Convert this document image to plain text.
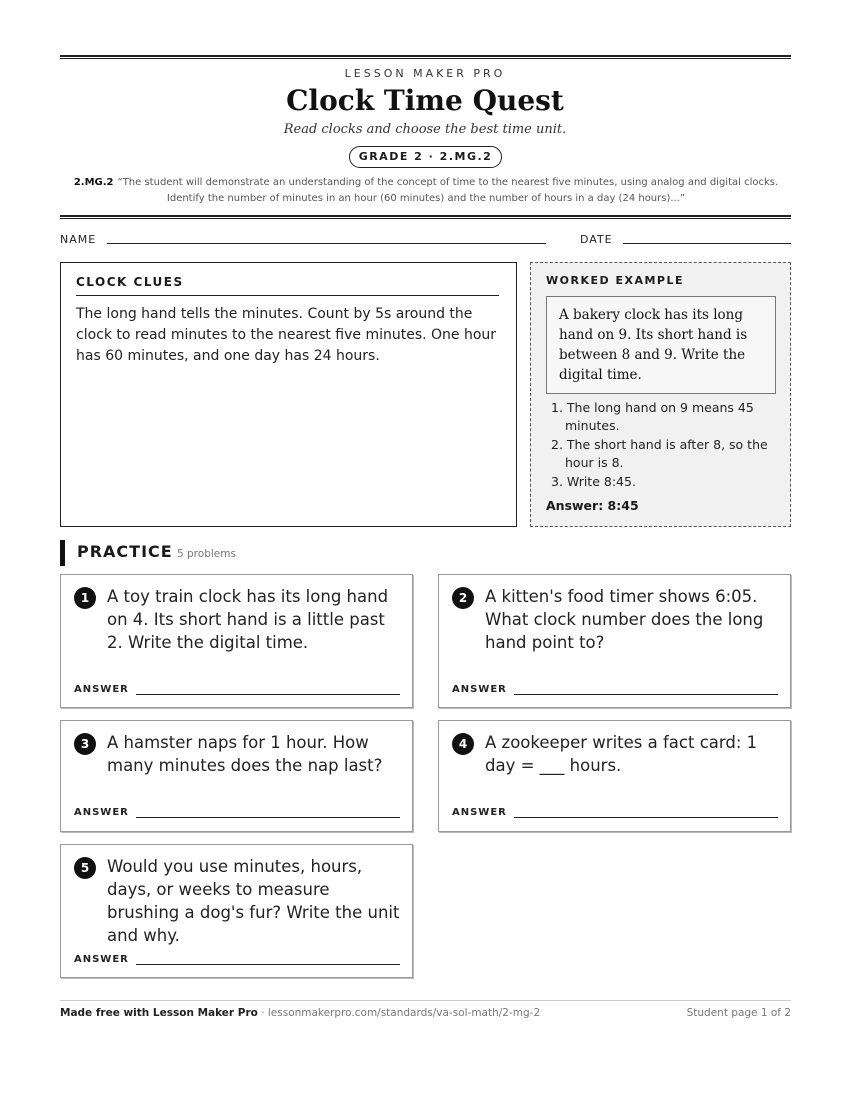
LESSON MAKER PRO
Clock Time Quest
Read clocks and choose the best time unit.
GRADE 2 · 2.MG.2
2.MG.2 “The student will demonstrate an understanding of the concept of time to the nearest five minutes, using analog and digital clocks. Identify the number of minutes in an hour (60 minutes) and the number of hours in a day (24 hours)...”
NAME	DATE
CLOCK CLUES
The long hand tells the minutes. Count by 5s around the clock to read minutes to the nearest five minutes. One hour has 60 minutes, and one day has 24 hours.
WORKED EXAMPLE
A bakery clock has its long hand on 9. Its short hand is between 8 and 9. Write the digital time.
1. The long hand on 9 means 45 minutes.
2. The short hand is after 8, so the hour is 8.
3. Write 8:45.
Answer: 8:45
PRACTICE 5 problems
1	A toy train clock has its long hand on 4. Its short hand is a little past 2. Write the digital time.
ANSWER
2	A kitten's food timer shows 6:05. What clock number does the long hand point to?
ANSWER
3	A hamster naps for 1 hour. How many minutes does the nap last?
ANSWER
4	A zookeeper writes a fact card: 1 day = ___ hours.
ANSWER
5	Would you use minutes, hours, days, or weeks to measure brushing a dog's fur? Write the unit and why.
ANSWER
Made free with Lesson Maker Pro · lessonmakerpro.com/standards/va-sol-math/2-mg-2	Student page 1 of 2
